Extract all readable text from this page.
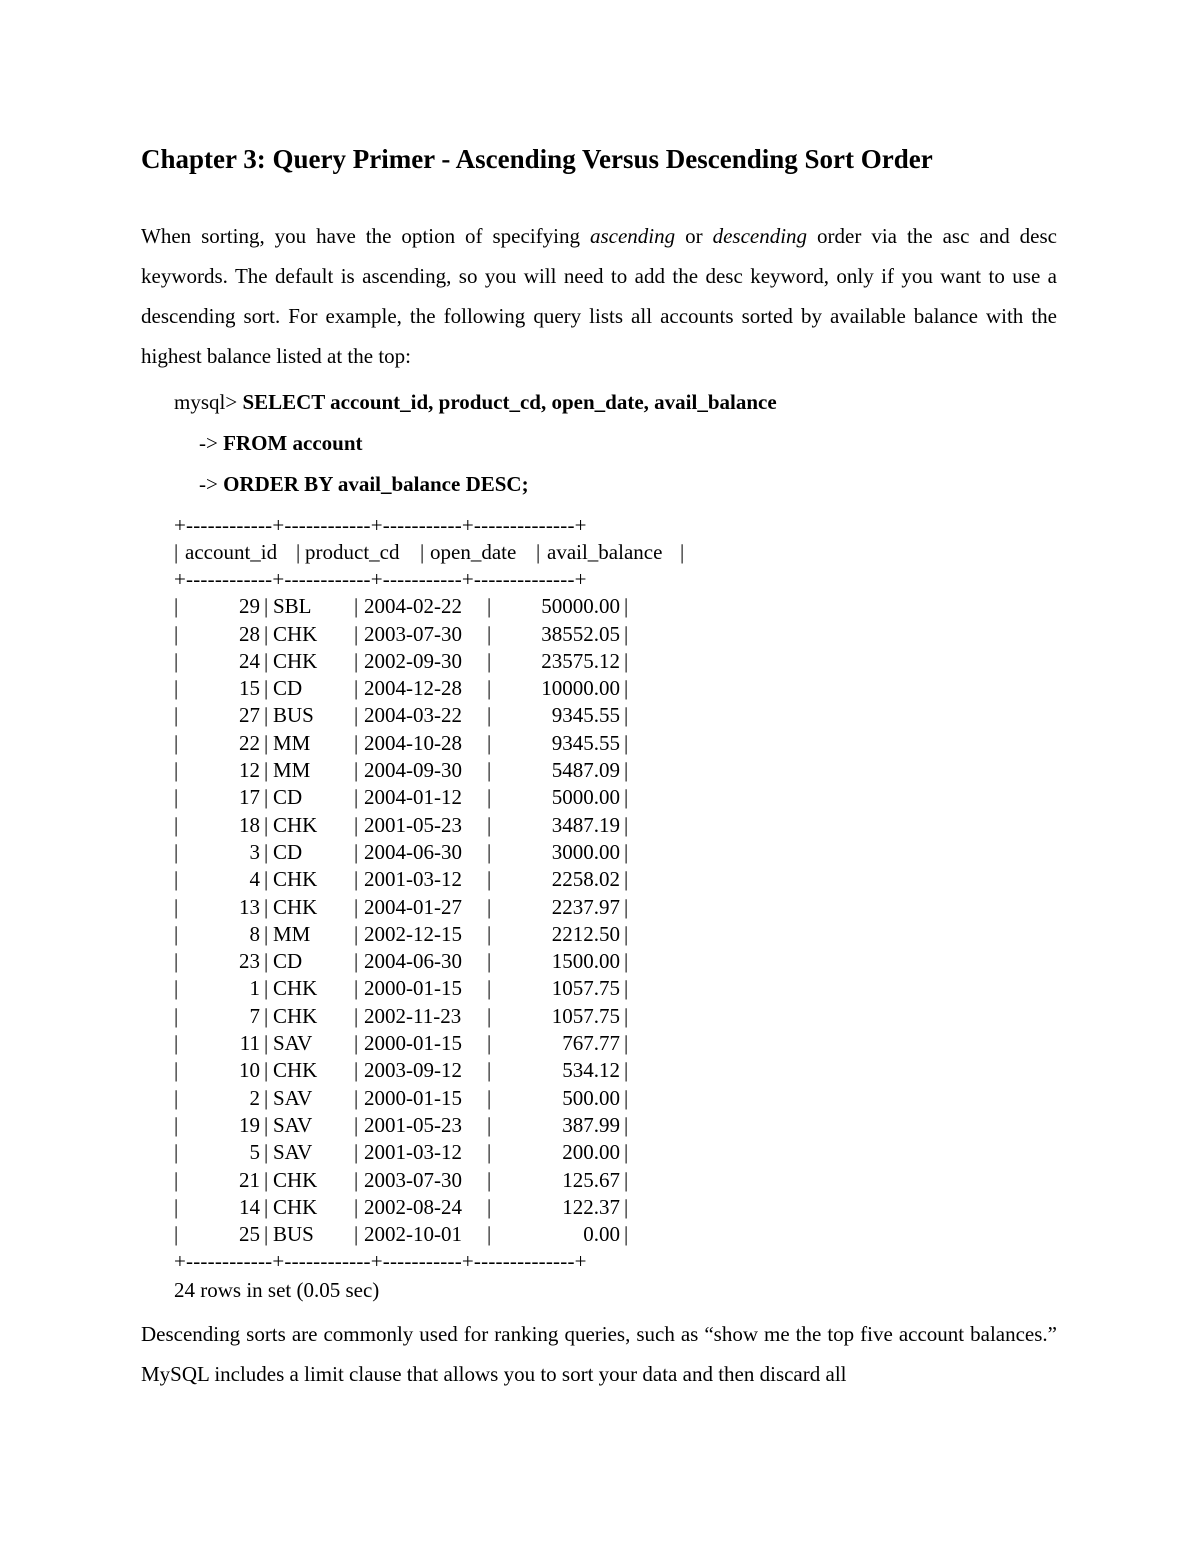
Chapter 3: Query Primer - Ascending Versus Descending Sort Order

When sorting, you have the option of specifying ascending or descending order via the asc and desc keywords. The default is ascending, so you will need to add the desc keyword, only if you want to use a descending sort. For example, the following query lists all accounts sorted by available balance with the highest balance listed at the top:

mysql> SELECT account_id, product_cd, open_date, avail_balance
-> FROM account
-> ORDER BY avail_balance DESC;
+------------+------------+-----------+--------------+
| account_id | product_cd | open_date | avail_balance |
+------------+------------+-----------+--------------+
|	29 | SBL | 2004-02-22 |	50000.00 |
|	28 | CHK | 2003-07-30 |	38552.05 |
|	24 | CHK | 2002-09-30 |	23575.12 |
|	15 | CD | 2004-12-28 |	10000.00 |
|	27 | BUS | 2004-03-22 |	9345.55 |
|	22 | MM | 2004-10-28 |	9345.55 |
|	12 | MM | 2004-09-30 |	5487.09 |
|	17 | CD | 2004-01-12 |	5000.00 |
|	18 | CHK | 2001-05-23 |	3487.19 |
|	3 | CD | 2004-06-30 |	3000.00 |
|	4 | CHK | 2001-03-12 |	2258.02 |
|	13 | CHK | 2004-01-27 |	2237.97 |
|	8 | MM | 2002-12-15 |	2212.50 |
|	23 | CD | 2004-06-30 |	1500.00 |
|	1 | CHK | 2000-01-15 |	1057.75 |
|	7 | CHK | 2002-11-23 |	1057.75 |
|	11 | SAV | 2000-01-15 |	767.77 |
|	10 | CHK | 2003-09-12 |	534.12 |
|	2 | SAV | 2000-01-15 |	500.00 |
|	19 | SAV | 2001-05-23 |	387.99 |
|	5 | SAV | 2001-03-12 |	200.00 |
|	21 | CHK | 2003-07-30 |	125.67 |
|	14 | CHK | 2002-08-24 |	122.37 |
|	25 | BUS | 2002-10-01 |	0.00 |
+------------+------------+-----------+--------------+
24 rows in set (0.05 sec)

Descending sorts are commonly used for ranking queries, such as “show me the top five account balances.” MySQL includes a limit clause that allows you to sort your data and then discard all
